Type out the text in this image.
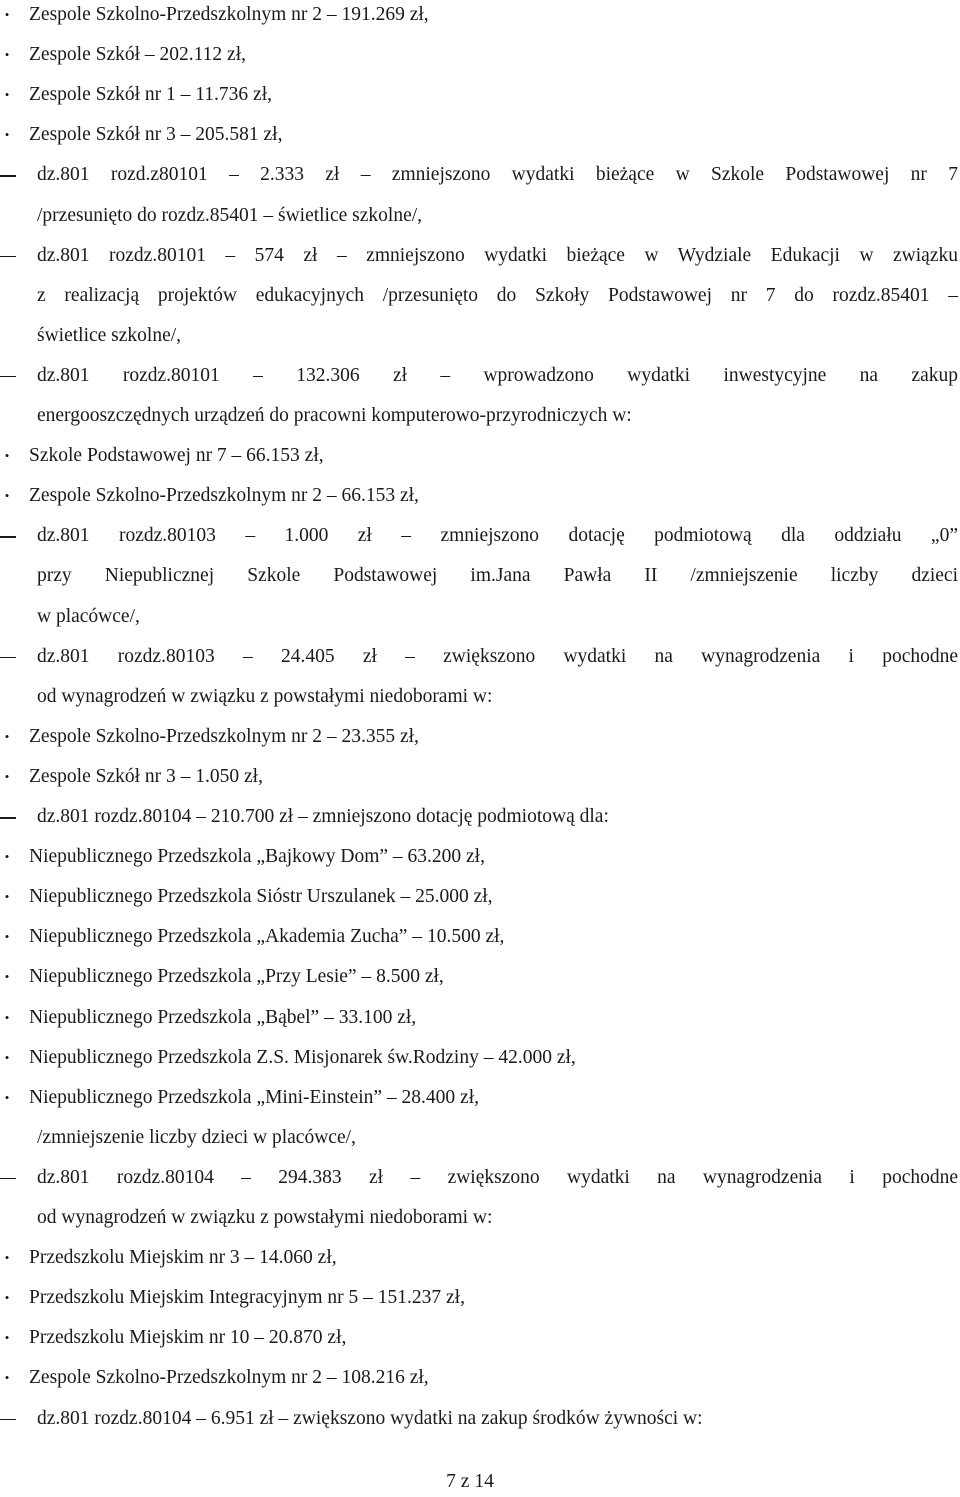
• Zespole Szkolno-Przedszkolnym nr 2 – 191.269 zł,
• Zespole Szkół – 202.112 zł,
• Zespole Szkół nr 1 – 11.736 zł,
• Zespole Szkół nr 3 – 205.581 zł,
dz.801 rozd.z80101 – 2.333 zł – zmniejszono wydatki bieżące w Szkole Podstawowej nr 7
/przesunięto do rozdz.85401 – świetlice szkolne/,
dz.801 rozdz.80101 – 574 zł – zmniejszono wydatki bieżące w Wydziale Edukacji w związku
z realizacją projektów edukacyjnych /przesunięto do Szkoły Podstawowej nr 7 do rozdz.85401 –
świetlice szkolne/,
dz.801 rozdz.80101 – 132.306 zł – wprowadzono wydatki inwestycyjne na zakup
energooszczędnych urządzeń do pracowni komputerowo-przyrodniczych w:
• Szkole Podstawowej nr 7 – 66.153 zł,
• Zespole Szkolno-Przedszkolnym nr 2 – 66.153 zł,
dz.801 rozdz.80103 – 1.000 zł – zmniejszono dotację podmiotową dla oddziału „0”
przy Niepublicznej Szkole Podstawowej im.Jana Pawła II /zmniejszenie liczby dzieci
w placówce/,
dz.801 rozdz.80103 – 24.405 zł – zwiększono wydatki na wynagrodzenia i pochodne
od wynagrodzeń w związku z powstałymi niedoborami w:
• Zespole Szkolno-Przedszkolnym nr 2 – 23.355 zł,
• Zespole Szkół nr 3 – 1.050 zł,
dz.801 rozdz.80104 – 210.700 zł – zmniejszono dotację podmiotową dla:
• Niepublicznego Przedszkola „Bajkowy Dom” – 63.200 zł,
• Niepublicznego Przedszkola Sióstr Urszulanek – 25.000 zł,
• Niepublicznego Przedszkola „Akademia Zucha” – 10.500 zł,
• Niepublicznego Przedszkola „Przy Lesie” – 8.500 zł,
• Niepublicznego Przedszkola „Bąbel” – 33.100 zł,
• Niepublicznego Przedszkola Z.S. Misjonarek św.Rodziny – 42.000 zł,
• Niepublicznego Przedszkola „Mini-Einstein” – 28.400 zł,
/zmniejszenie liczby dzieci w placówce/,
dz.801 rozdz.80104 – 294.383 zł – zwiększono wydatki na wynagrodzenia i pochodne
od wynagrodzeń w związku z powstałymi niedoborami w:
• Przedszkolu Miejskim nr 3 – 14.060 zł,
• Przedszkolu Miejskim Integracyjnym nr 5 – 151.237 zł,
• Przedszkolu Miejskim nr 10 – 20.870 zł,
• Zespole Szkolno-Przedszkolnym nr 2 – 108.216 zł,
dz.801 rozdz.80104 – 6.951 zł – zwiększono wydatki na zakup środków żywności w:
7 z 14
